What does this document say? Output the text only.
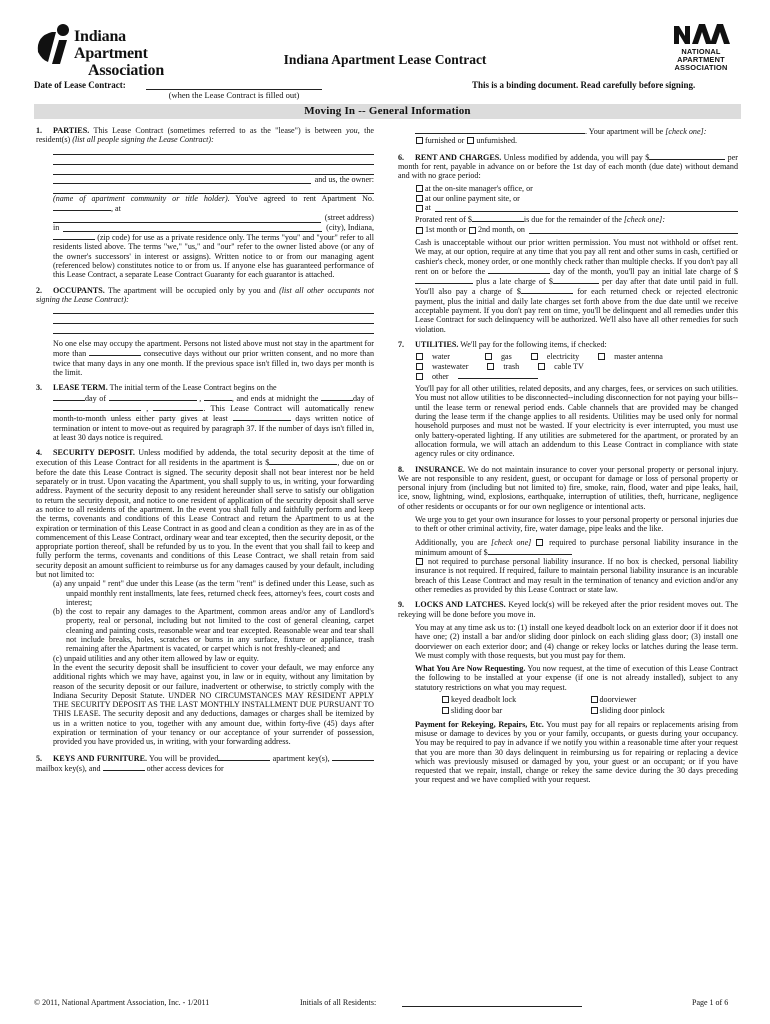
Indiana Apartment
Association
Indiana Apartment Lease Contract
NATIONAL
APARTMENT
ASSOCIATION
Date of Lease Contract:
(when the Lease Contract is filled out)
This is a binding document. Read carefully before signing.
Moving In -- General Information
1. PARTIES. This Lease Contract (sometimes referred to as the "lease") is between you, the resident(s) (list all people signing the Lease Contract):
and us, the owner:
(name of apartment community or title holder). You've agreed to rent Apartment No. , at
(street address)
in	(city), Indiana,
(zip code) for use as a private residence only. The terms "you" and "your" refer to all residents listed above. The terms "we," "us," and "our" refer to the owner listed above (or any of the owner's successors' in interest or assigns). Written notice to or from our managing agent (referenced below) constitutes notice to or from us. If anyone else has guaranteed performance of this Lease Contract, a separate Lease Contract Guaranty for each guarantor is attached.
2. OCCUPANTS. The apartment will be occupied only by you and (list all other occupants not signing the Lease Contract):
No one else may occupy the apartment. Persons not listed above must not stay in the apartment for more than	consecutive days without our prior written consent, and no more than twice that many days in any one month. If the previous space isn't filled in, two days per month is the limit.
3. LEASE TERM. The initial term of the Lease Contract begins on the
day of	,	, and ends at midnight the	day of  ,	. This Lease Contract will automatically renew month-to-month unless either party gives at least	days written notice of termination or intent to move-out as required by paragraph 37. If the number of days isn't filled in, at least 30 days notice is required.
4. SECURITY DEPOSIT. Unless modified by addenda, the total security deposit at the time of execution of this Lease Contract for all residents in the apartment is $	, due on or before the date this Lease Contract is signed. The security deposit shall not bear interest nor be held separately or in trust. Upon vacating the Apartment, you shall supply to us, in writing, your forwarding address. Payment of the security deposit to any resident hereunder shall serve to satisfy our obligation to return the security deposit, and notice to one resident of application of the security deposit shall serve as notice to all residents of the apartment. In the event you shall fully and faithfully perform and keep the terms, covenants and conditions of this Lease Contract and return the Apartment to us at the expiration or termination of this Lease Contract in as good and clean a condition as they are in as of the commencement of this Lease Contract, ordinary wear and tear excepted, then the security deposit, or the appropriate portion thereof, shall be refunded by us to you. In the event that you shall fail to keep and fully perform the terms, covenants and conditions of this Lease Contract, we shall retain from said security deposit an amount sufficient to reimburse us for any damages caused by your default, including but not limited to:
(a) any unpaid " rent" due under this Lease (as the term "rent" is defined under this Lease, such as unpaid monthly rent installments, late fees, returned check fees, attorney's fees, court costs and interest;
(b) the cost to repair any damages to the Apartment, common areas and/or any of Landlord's property, real or personal, including but not limited to the cost of general cleaning, carpet cleaning and painting costs, reasonable wear and tear excepted. Reasonable wear and tear shall not include breaks, holes, scratches or burns in any surface, fixture or appliance, trash remaining after the Apartment is vacated, or carpet which is not freshly-cleaned; and
(c) unpaid utilities and any other item allowed by law or equity.
In the event the security deposit shall be insufficient to cover your default, we may enforce any additional rights which we may have, against you, in law or in equity, without any limitation by reason of the security deposit or our failure, inadvertent or otherwise, to strictly comply with the Indiana Security Deposit Statute. UNDER NO CIRCUMSTANCES MAY RESIDENT APPLY THE SECURITY DEPOSIT AS THE LAST MONTHLY INSTALLMENT DUE PURSUANT TO THIS LEASE. The security deposit and any deductions, damages or charges shall be itemized by us in a written notice to you, together with any amount due, within forty-five (45) days after expiration or termination of your tenancy or our acceptance of your surrender of possession, provided you have provided us, in writing, with your forwarding address.
5. KEYS AND FURNITURE. You will be provided	apartment key(s),  mailbox key(s), and	other access devices for
. Your apartment will be [check one]:
furnished or unfurnished.
6. RENT AND CHARGES. Unless modified by addenda, you will pay $	per month for rent, payable in advance on or before the 1st day of each month (due date) without demand and with no grace period:
at the on-site manager's office, or
at our online payment site, or
at
Prorated rent of $	is due for the remainder of the [check one]:
1st month or
2nd month, on
Cash is unacceptable without our prior written permission. You must not withhold or offset rent. We may, at our option, require at any time that you pay all rent and other sums in cash, certified or cashier's check, money order, or one monthly check rather than multiple checks. If you don't pay all rent on or before the	day of the month, you'll pay an initial late charge of $ plus a late charge of $	per day after that date until paid in full. You'll also pay a charge of $	for each returned check or rejected electronic payment, plus the initial and daily late charges set forth above from the due date until we receive acceptable payment. If you don't pay rent on time, you'll be delinquent and all remedies under this Lease Contract for such delinquency will be authorized. We'll also have all other remedies for such violation.
7. UTILITIES. We'll pay for the following items, if checked:
water	gas	electricity	master antenna
wastewater	trash	cable TV
other
You'll pay for all other utilities, related deposits, and any charges, fees, or services on such utilities. You must not allow utilities to be disconnected--including disconnection for not paying your bills--until the lease term or renewal period ends. Cable channels that are provided may be changed during the lease term if the change applies to all residents. Utilities may be used only for normal household purposes and must not be wasted. If your electricity is ever interrupted, you must use only battery-operated lighting. If any utilities are submetered for the apartment, or prorated by an allocation formula, we will attach an addendum to this Lease Contract in compliance with state agency rules or city ordinance.
8. INSURANCE. We do not maintain insurance to cover your personal property or personal injury. We are not responsible to any resident, guest, or occupant for damage or loss of personal property or personal injury from (including but not limited to) fire, smoke, rain, flood, water and pipe leaks, hail, ice, snow, lightning, wind, explosions, earthquake, interruption of utilities, theft, hurricane, negligence of other residents or occupants or for our own negligence or intentional acts.
We urge you to get your own insurance for losses to your personal property or personal injuries due to theft or other criminal activity, fire, water damage, pipe leaks and the like.
Additionally, you are [check one]  required to purchase personal liability insurance in the minimum amount of $
not required to purchase personal liability insurance. If no box is checked, personal liability insurance is not required. If required, failure to maintain personal liability insurance is an incurable breach of this Lease Contract and may result in the termination of tenancy and eviction and/or any other remedies as provided by this Lease Contract or state law.
9. LOCKS AND LATCHES. Keyed lock(s) will be rekeyed after the prior resident moves out. The rekeying will be done before you move in.
You may at any time ask us to: (1) install one keyed deadbolt lock on an exterior door if it does not have one; (2) install a bar and/or sliding door pinlock on each sliding glass door; (3) install one doorviewer on each exterior door; and (4) change or rekey locks or latches during the lease term. We must comply with those requests, but you must pay for them.
What You Are Now Requesting. You now request, at the time of execution of this Lease Contract the following to be installed at your expense (if one is not already installed), subject to any statutory restrictions on what you may request.
keyed deadbolt lock	doorviewer
sliding door bar	sliding door pinlock
Payment for Rekeying, Repairs, Etc. You must pay for all repairs or replacements arising from misuse or damage to devices by you or your family, occupants, or guests during your occupancy. You may be required to pay in advance if we notify you within a reasonable time after your request that you are more than 30 days delinquent in reimbursing us for repairing or replacing a device which was previously misused or damaged by you, your guest or an occupant; or if you have requested that we repair, install, change or rekey the same device during the 30 days preceding your request and we have complied with your request.
© 2011, National Apartment Association, Inc. - 1/2011	Initials of all Residents:	Page 1 of 6
